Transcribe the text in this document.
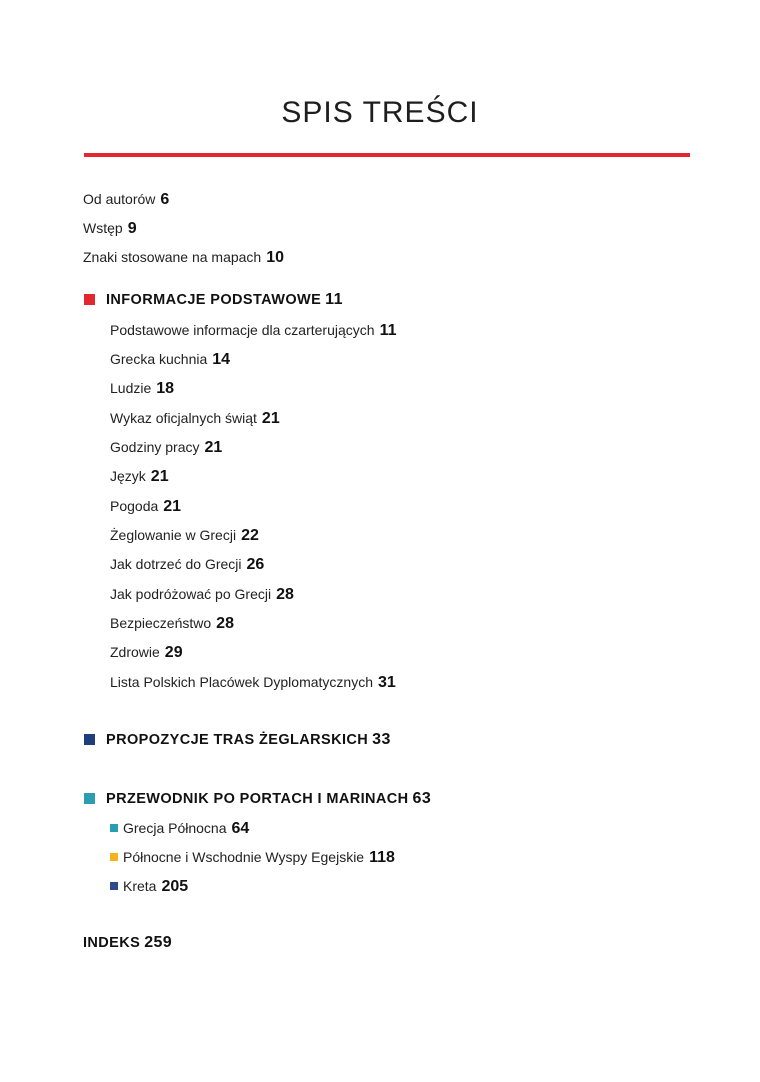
SPIS TREŚCI
Od autorów 6
Wstęp 9
Znaki stosowane na mapach 10
INFORMACJE PODSTAWOWE 11
Podstawowe informacje dla czarterujących 11
Grecka kuchnia 14
Ludzie 18
Wykaz oficjalnych świąt 21
Godziny pracy 21
Język 21
Pogoda 21
Żeglowanie w Grecji 22
Jak dotrzeć do Grecji 26
Jak podróżować po Grecji 28
Bezpieczeństwo 28
Zdrowie 29
Lista Polskich Placówek Dyplomatycznych 31
PROPOZYCJE TRAS ŻEGLARSKICH 33
PRZEWODNIK PO PORTACH I MARINACH 63
Grecja Północna 64
Północne i Wschodnie Wyspy Egejskie 118
Kreta 205
INDEKS 259
